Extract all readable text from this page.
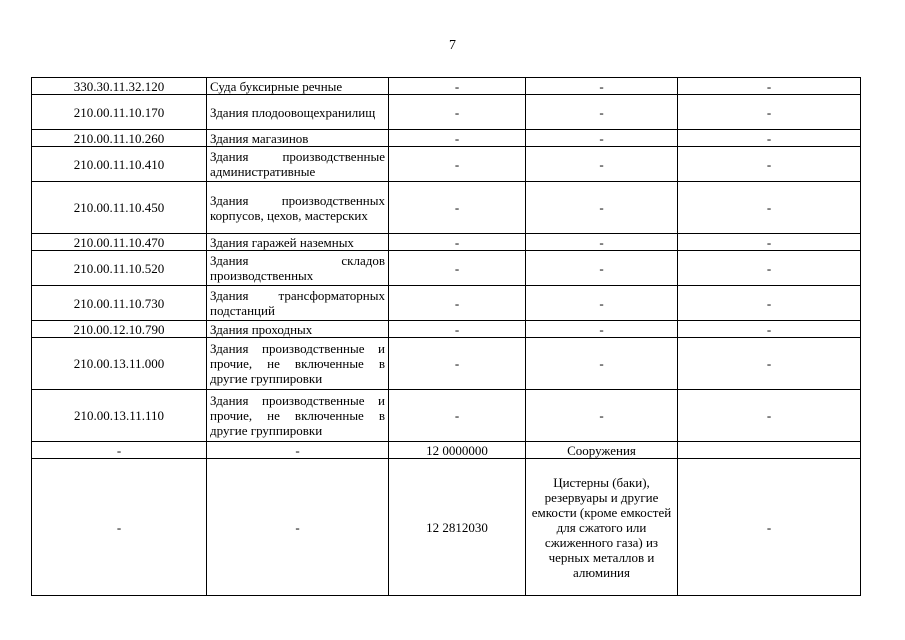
7
330.30.11.32.120	Суда буксирные речные	-	-	-
210.00.11.10.170	Здания плодоовощехранилищ	-	-	-
210.00.11.10.260	Здания магазинов	-	-	-
210.00.11.10.410	Здания производственные административные	-	-	-
210.00.11.10.450	Здания производственных корпусов, цехов, мастерских	-	-	-
210.00.11.10.470	Здания гаражей наземных	-	-	-
210.00.11.10.520	Здания складов производственных	-	-	-
210.00.11.10.730	Здания трансформаторных подстанций	-	-	-
210.00.12.10.790	Здания проходных	-	-	-
210.00.13.11.000	Здания производственные и прочие, не включенные в другие группировки	-	-	-
210.00.13.11.110	Здания производственные и прочие, не включенные в другие группировки	-	-	-
-	-	12 0000000	Сооружения	
-	-	12 2812030	Цистерны (баки), резервуары и другие емкости (кроме емкостей для сжатого или сжиженного газа) из черных металлов и алюминия	-
